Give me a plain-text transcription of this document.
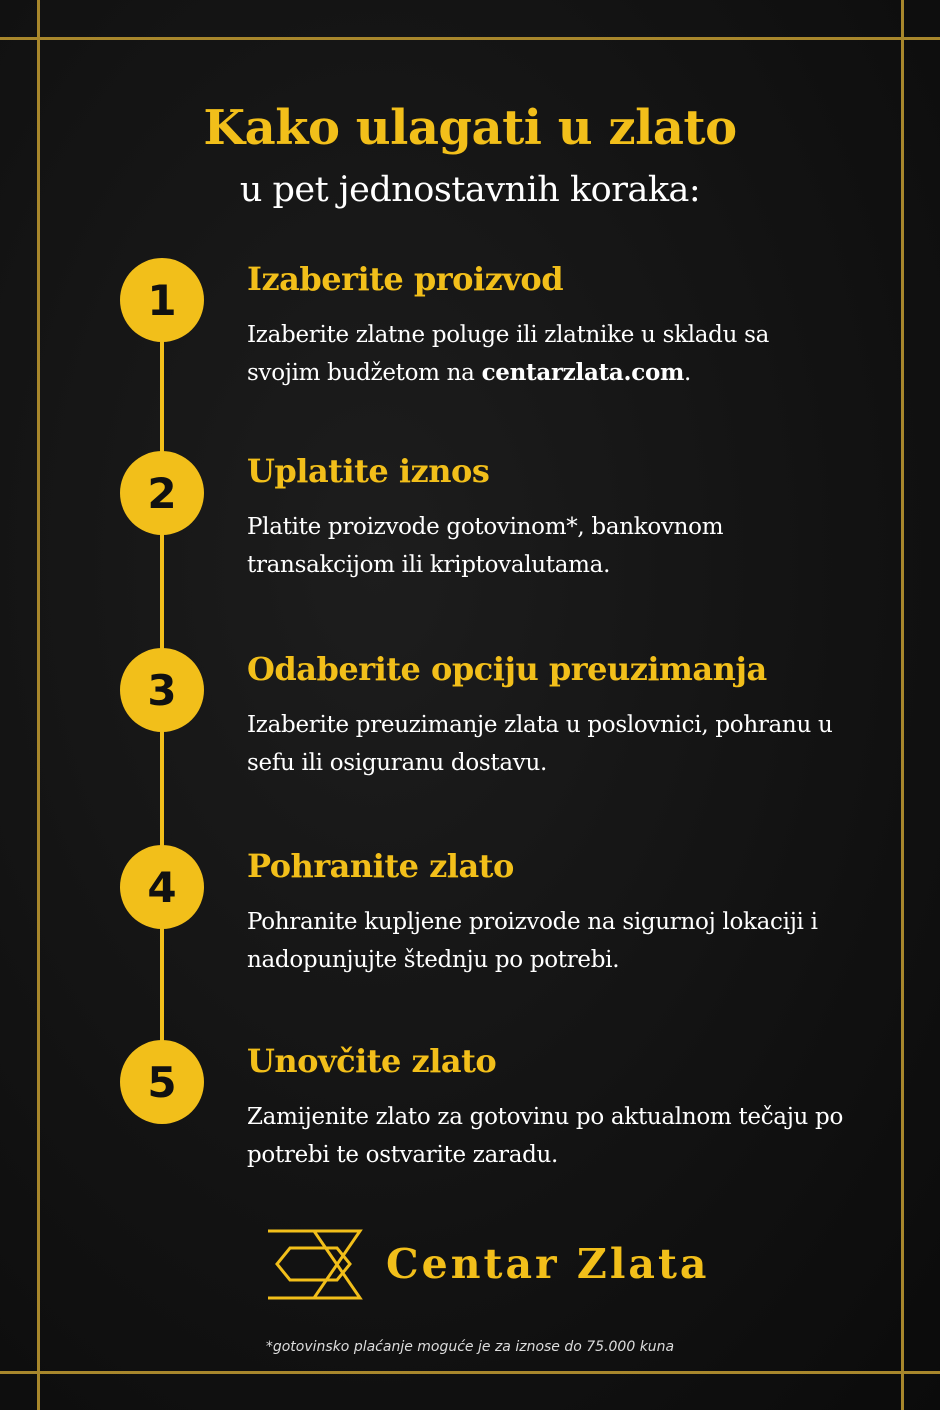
Kako ulagati u zlato
u pet jednostavnih koraka:
1
2
3
4
5

Izaberite proizvod

Izaberite zlatne poluge ili zlatnike u skladu sa svojim budžetom na centarzlata.com.

Uplatite iznos

Platite proizvode gotovinom*, bankovnom transakcijom ili kriptovalutama.

Odaberite opciju preuzimanja

Izaberite preuzimanje zlata u poslovnici, pohranu u sefu ili osiguranu dostavu.

Pohranite zlato

Pohranite kupljene proizvode na sigurnoj lokaciji i nadopunjujte štednju po potrebi.

Unovčite zlato

Zamijenite zlato za gotovinu po aktualnom tečaju po potrebi te ostvarite zaradu.

Centar Zlata
*gotovinsko plaćanje moguće je za iznose do 75.000 kuna
